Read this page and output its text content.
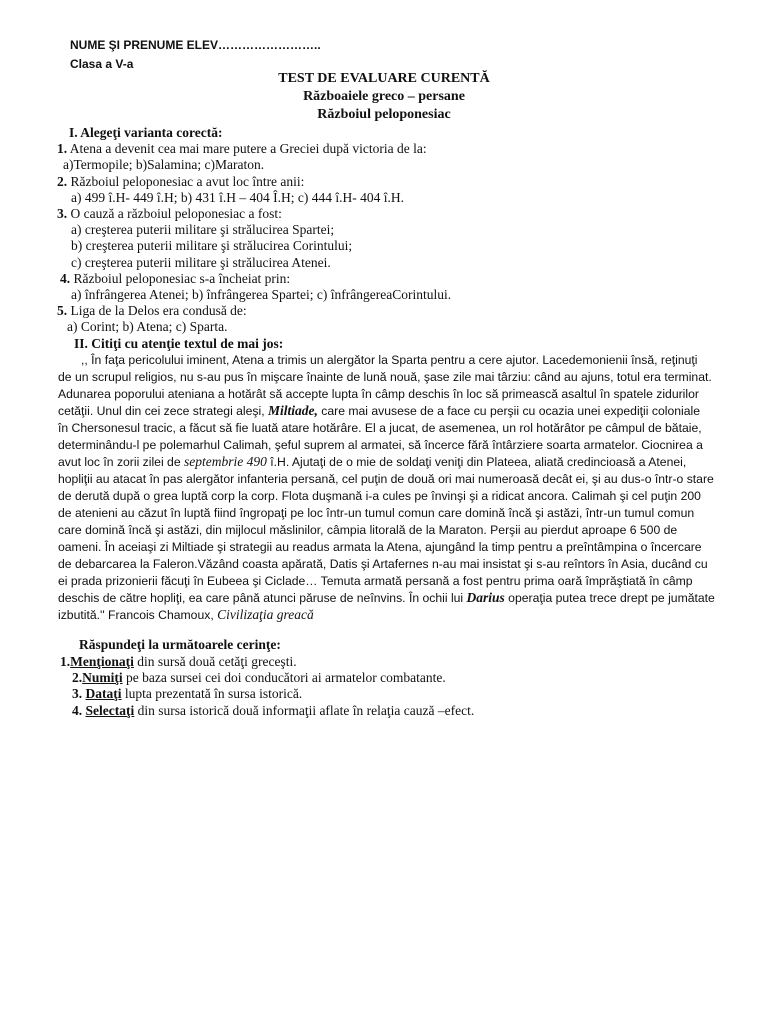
NUME ŞI PRENUME ELEV……………………..
Clasa a V-a
TEST DE EVALUARE CURENTĂ
Războaiele greco – persane
Războiul peloponesiac
I. Alegeţi varianta corectă:
1. Atena a devenit cea mai mare putere a Greciei după victoria de la:
a)Termopile; b)Salamina; c)Maraton.
2. Războiul peloponesiac a avut loc între anii:
a) 499 î.H- 449 î.H; b) 431 î.H – 404 Î.H; c) 444 î.H- 404 î.H.
3. O cauză a războiul peloponesiac a fost:
a) creşterea puterii militare şi strălucirea Spartei;
b) creşterea puterii militare şi strălucirea Corintului;
c) creşterea puterii militare şi strălucirea Atenei.
4. Războiul peloponesiac s-a încheiat prin:
a) înfrângerea Atenei; b) înfrângerea Spartei; c) înfrângereaCorintului.
5. Liga de la Delos era condusă de:
a) Corint; b) Atena; c) Sparta.
II. Citiţi cu atenţie textul de mai jos:
,, În faţa pericolului iminent, Atena a trimis un alergător la Sparta pentru a cere ajutor. Lacedemonienii însă, reţinuţi
de un scrupul religios, nu s-au pus în mişcare înainte de lună nouă, şase zile mai târziu: când au ajuns, totul era terminat.
Adunarea poporului ateniana a hotărât să accepte lupta în câmp deschis în loc să primească asaltul în spatele zidurilor
cetăţii. Unul din cei zece strategi aleşi, Miltiade, care mai avusese de a face cu perşii cu ocazia unei expediţii coloniale
în Chersonesul tracic, a făcut să fie luată atare hotărâre. El a jucat, de asemenea, un rol hotărâtor pe câmpul de bătaie,
determinându-l pe polemarhul Calimah, şeful suprem al armatei, să încerce fără întârziere soarta armatelor. Ciocnirea a
avut loc în zorii zilei de septembrie 490 î.H. Ajutaţi de o mie de soldaţi veniţi din Plateea, aliată credincioasă a Atenei,
hopliţii au atacat în pas alergător infanteria persană, cel puţin de două ori mai numeroasă decât ei, şi au dus-o într-o stare
de derută după o grea luptă corp la corp. Flota duşmană i-a cules pe învinşi şi a ridicat ancora. Calimah şi cel puţin 200
de atenieni au căzut în luptă fiind îngropaţi pe loc într-un tumul comun care domină încă şi astăzi, într-un tumul comun
care domină încă şi astăzi, din mijlocul măslinilor, câmpia litorală de la Maraton. Perşii au pierdut aproape 6 500 de
oameni. În aceiaşi zi Miltiade şi strategii au readus armata la Atena, ajungând la timp pentru a preîntâmpina o încercare
de debarcarea la Faleron.Văzând coasta apărată, Datis şi Artafernes n-au mai insistat şi s-au reîntors în Asia, ducând cu
ei prada prizonierii făcuţi în Eubeea şi Ciclade… Temuta armată persană a fost pentru prima oară împrăştiată în câmp
deschis de către hopliţi, ea care până atunci păruse de neînvins. În ochii lui Darius operaţia putea trece drept pe jumătate
izbutită.'' Francois Chamoux, Civilizaţia greacă
Răspundeţi la următoarele cerinţe:
1.Menţionaţi din sursă două cetăţi greceşti.
2.Numiţi pe baza sursei cei doi conducători ai armatelor combatante.
3. Dataţi lupta prezentată în sursa istorică.
4. Selectaţi din sursa istorică două informaţii aflate în relaţia cauză –efect.
